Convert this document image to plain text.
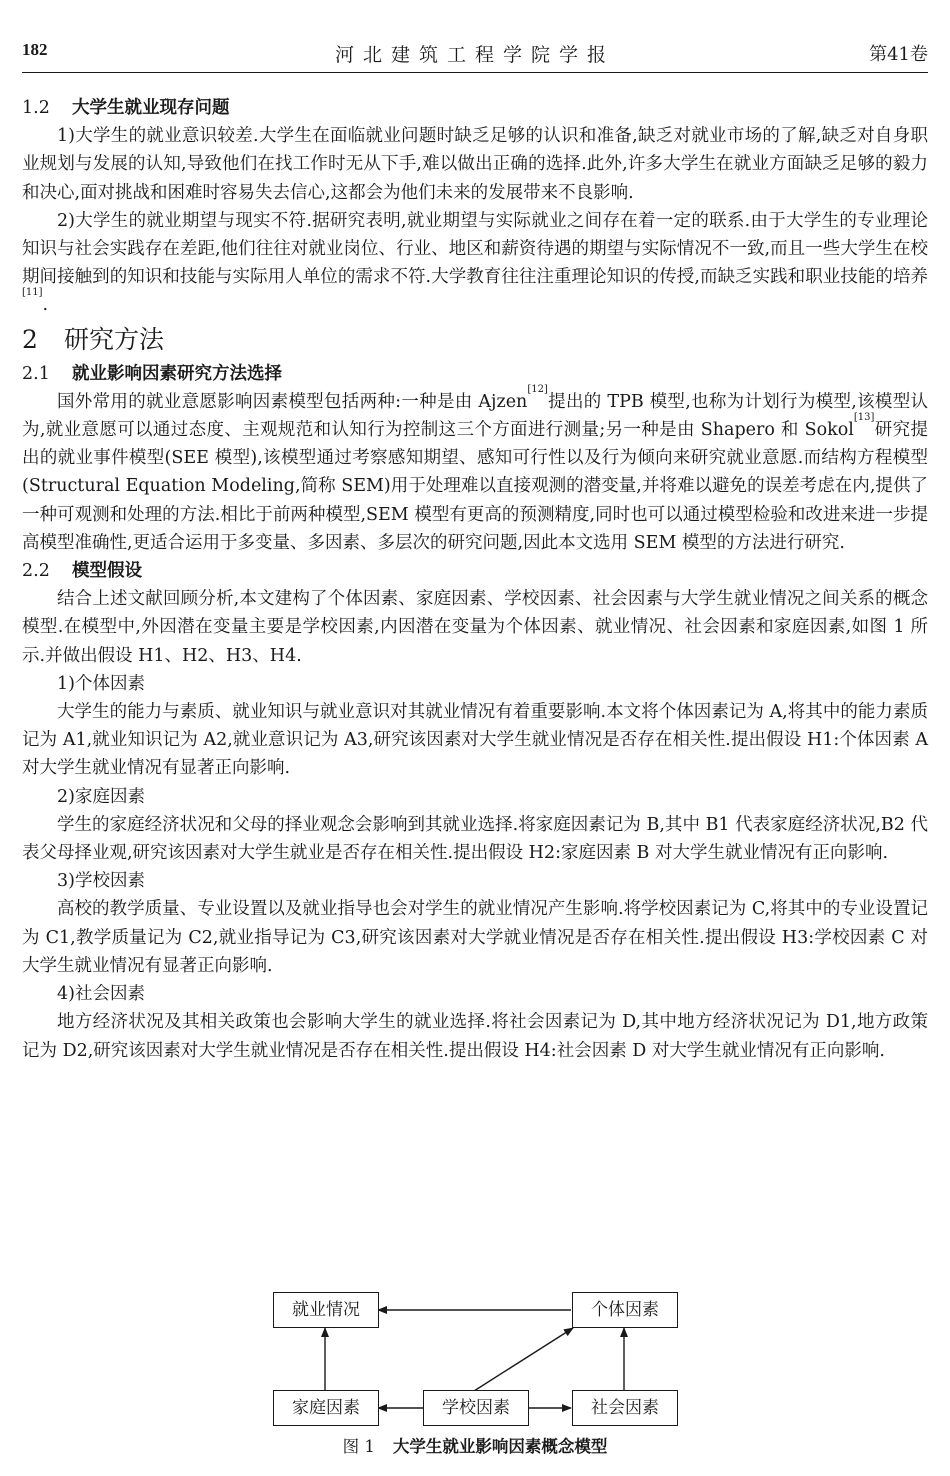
182	河北建筑工程学院学报	第41卷
1.2 大学生就业现存问题

1)大学生的就业意识较差.大学生在面临就业问题时缺乏足够的认识和准备,缺乏对就业市场的了解,缺乏对自身职业规划与发展的认知,导致他们在找工作时无从下手,难以做出正确的选择.此外,许多大学生在就业方面缺乏足够的毅力和决心,面对挑战和困难时容易失去信心,这都会为他们未来的发展带来不良影响.

2)大学生的就业期望与现实不符.据研究表明,就业期望与实际就业之间存在着一定的联系.由于大学生的专业理论知识与社会实践存在差距,他们往往对就业岗位、行业、地区和薪资待遇的期望与实际情况不一致,而且一些大学生在校期间接触到的知识和技能与实际用人单位的需求不符.大学教育往往注重理论知识的传授,而缺乏实践和职业技能的培养[11].

2 研究方法
2.1 就业影响因素研究方法选择

国外常用的就业意愿影响因素模型包括两种:一种是由 Ajzen[12]提出的 TPB 模型,也称为计划行为模型,该模型认为,就业意愿可以通过态度、主观规范和认知行为控制这三个方面进行测量;另一种是由 Shapero 和 Sokol[13]研究提出的就业事件模型(SEE 模型),该模型通过考察感知期望、感知可行性以及行为倾向来研究就业意愿.而结构方程模型(Structural Equation Modeling,简称 SEM)用于处理难以直接观测的潜变量,并将难以避免的误差考虑在内,提供了一种可观测和处理的方法.相比于前两种模型,SEM 模型有更高的预测精度,同时也可以通过模型检验和改进来进一步提高模型准确性,更适合运用于多变量、多因素、多层次的研究问题,因此本文选用 SEM 模型的方法进行研究.

2.2 模型假设

结合上述文献回顾分析,本文建构了个体因素、家庭因素、学校因素、社会因素与大学生就业情况之间关系的概念模型.在模型中,外因潜在变量主要是学校因素,内因潜在变量为个体因素、就业情况、社会因素和家庭因素,如图 1 所示.并做出假设 H1、H2、H3、H4.

1)个体因素

大学生的能力与素质、就业知识与就业意识对其就业情况有着重要影响.本文将个体因素记为 A,将其中的能力素质记为 A1,就业知识记为 A2,就业意识记为 A3,研究该因素对大学生就业情况是否存在相关性.提出假设 H1:个体因素 A 对大学生就业情况有显著正向影响.

2)家庭因素

学生的家庭经济状况和父母的择业观念会影响到其就业选择.将家庭因素记为 B,其中 B1 代表家庭经济状况,B2 代表父母择业观,研究该因素对大学生就业是否存在相关性.提出假设 H2:家庭因素 B 对大学生就业情况有正向影响.

3)学校因素

高校的教学质量、专业设置以及就业指导也会对学生的就业情况产生影响.将学校因素记为 C,将其中的专业设置记为 C1,教学质量记为 C2,就业指导记为 C3,研究该因素对大学就业情况是否存在相关性.提出假设 H3:学校因素 C 对大学生就业情况有显著正向影响.

4)社会因素

地方经济状况及其相关政策也会影响大学生的就业选择.将社会因素记为 D,其中地方经济状况记为 D1,地方政策记为 D2,研究该因素对大学生就业情况是否存在相关性.提出假设 H4:社会因素 D 对大学生就业情况有正向影响.

就业情况	个体因素
家庭因素	学校因素	社会因素
图 1 大学生就业影响因素概念模型
